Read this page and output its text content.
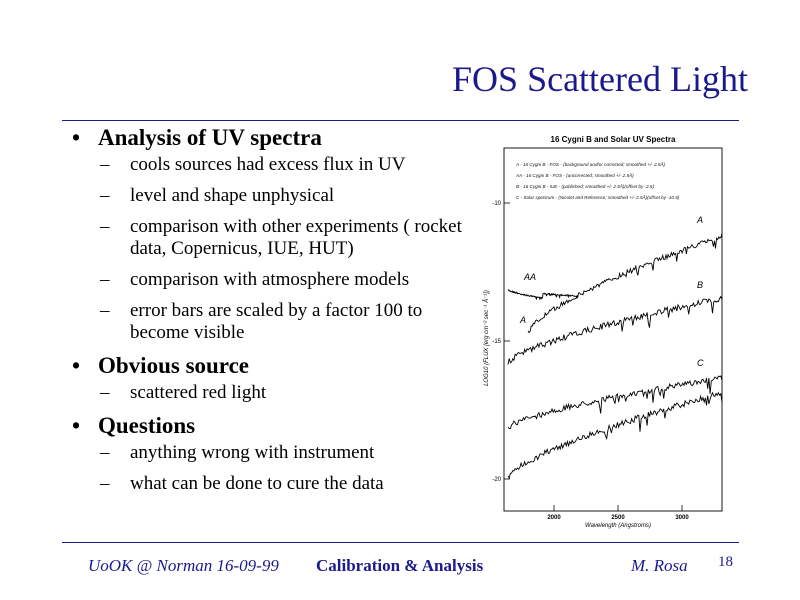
FOS Scattered Light
• Analysis of UV spectra
– cools sources had excess flux in UV
– level and shape unphysical
– comparison with other experiments ( rocket data, Copernicus, IUE, HUT)
– comparison with atmosphere models
– error bars are scaled by a factor 100 to become visible
• Obvious source
– scattered red light
• Questions
– anything wrong with instrument
– what can be done to cure the data
16 Cygni B and Solar UV Spectra
A - 16 Cygni B - FOS - (background and/or corrected; smoothed +/- 2.5Å)
AA - 16 Cygni B - FOS - (uncorrected; smoothed +/- 2.5Å)
B - 16 Cygni B - IUE - (published; smoothed +/- 2.5Å)(offset by -2.5)
C - Solar spectrum - (Nicolet and Reference; smoothed +/- 2.5Å)(offset by -10.5)
-10
-15
-20
2000	2500	3000
Wavelength (Angstroms)
LOG10 (FLUX [erg cm⁻² sec⁻¹ Å⁻¹])
A
AA
A
B
C
UoOK @ Norman 16-09-99 Calibration & Analysis	M. Rosa 18
